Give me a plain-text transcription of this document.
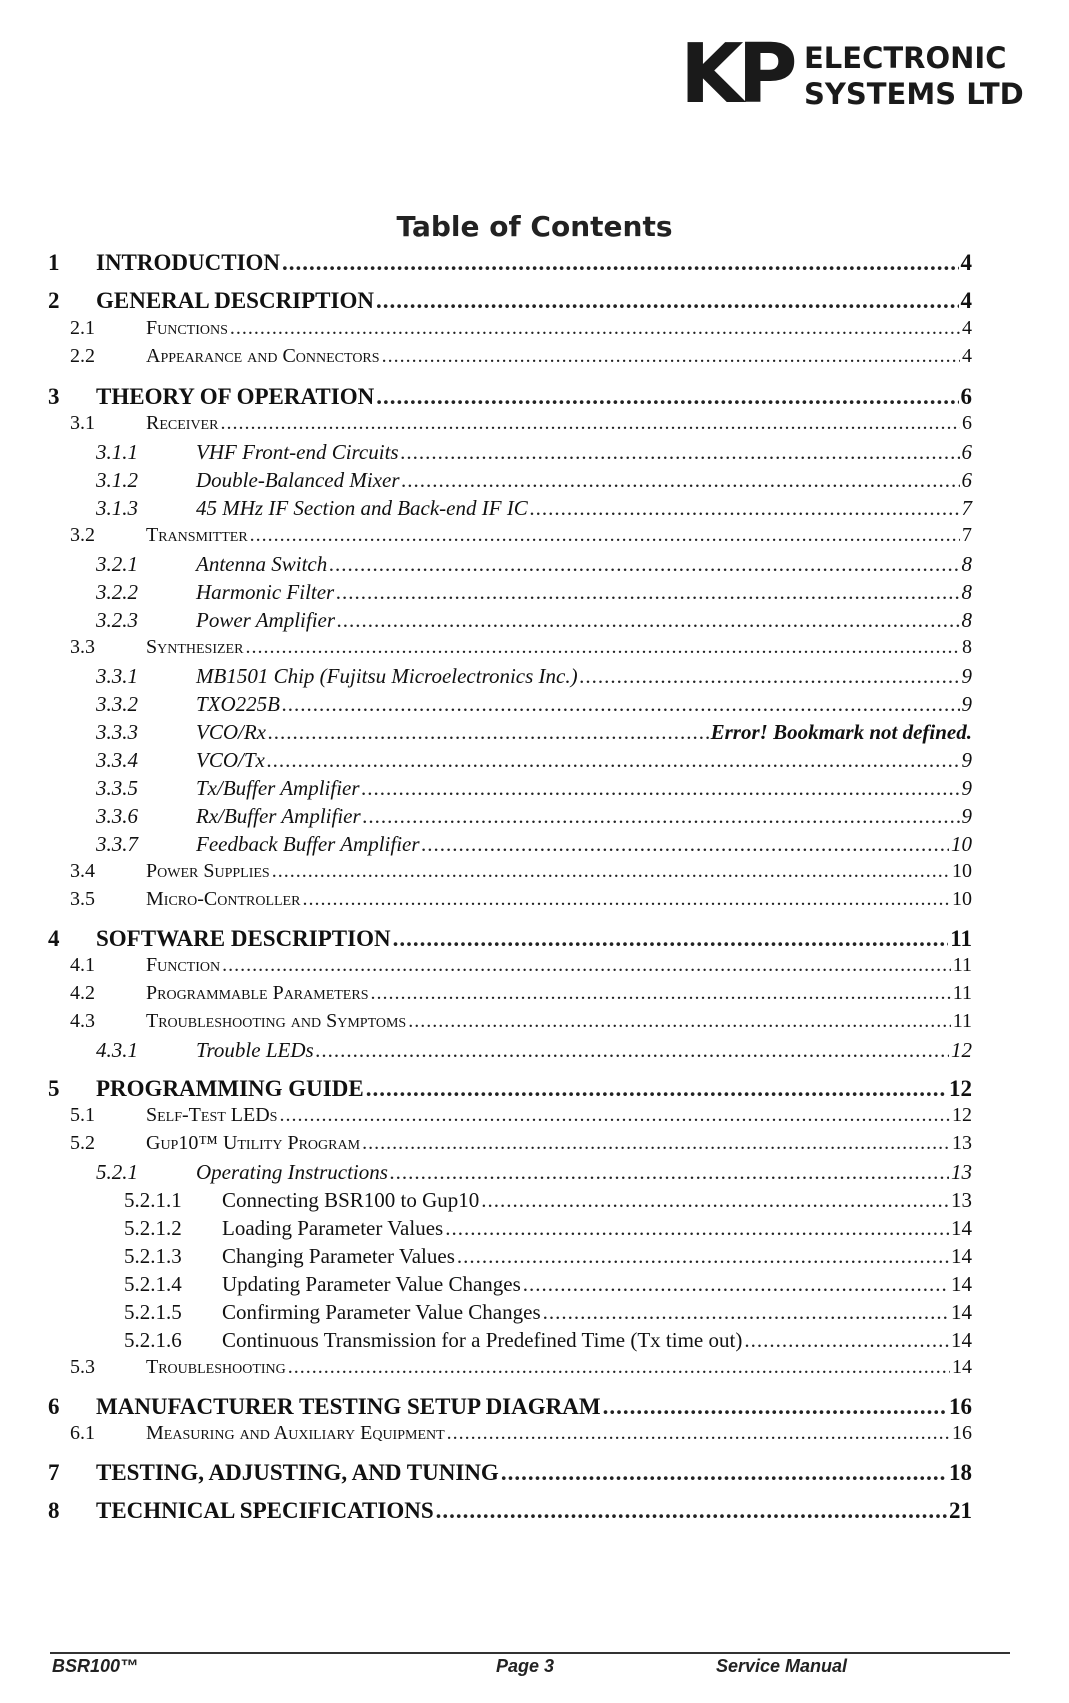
KP ELECTRONIC
SYSTEMS LTD
Table of Contents
1 INTRODUCTION .....	4
2 GENERAL DESCRIPTION .....	4
2.1	Functions .....	4
2.2	Appearance and Connectors .....	4
3 THEORY OF OPERATION .....	6
3.1	Receiver .....	6
3.1.1	VHF Front-end Circuits .....	6
3.1.2	Double-Balanced Mixer .....	6
3.1.3	45 MHz IF Section and Back-end IF IC .....	7
3.2	Transmitter .....	7
3.2.1	Antenna Switch .....	8
3.2.2	Harmonic Filter .....	8
3.2.3	Power Amplifier .....	8
3.3	Synthesizer .....	8
3.3.1	MB1501 Chip (Fujitsu Microelectronics Inc.) .....	9
3.3.2	TXO225B .....	9
3.3.3	VCO/Rx .....	Error! Bookmark not defined.
3.3.4	VCO/Tx .....	9
3.3.5	Tx/Buffer Amplifier .....	9
3.3.6	Rx/Buffer Amplifier .....	9
3.3.7	Feedback Buffer Amplifier .....	10
3.4	Power Supplies .....	10
3.5	Micro-Controller .....	10
4 SOFTWARE DESCRIPTION .....	11
4.1	Function .....	11
4.2	Programmable Parameters .....	11
4.3	Troubleshooting and Symptoms .....	11
4.3.1	Trouble LEDs .....	12
5 PROGRAMMING GUIDE .....	12
5.1	Self-Test LEDs .....	12
5.2	Gup10™ Utility Program .....	13
5.2.1	Operating Instructions .....	13
5.2.1.1 Connecting BSR100 to Gup10 .....	13
5.2.1.2 Loading Parameter Values .....	14
5.2.1.3 Changing Parameter Values .....	14
5.2.1.4 Updating Parameter Value Changes .....	14
5.2.1.5 Confirming Parameter Value Changes .....	14
5.2.1.6 Continuous Transmission for a Predefined Time (Tx time out) .....	14
5.3	Troubleshooting .....	14
6 MANUFACTURER TESTING SETUP DIAGRAM .....	16
6.1	Measuring and Auxiliary Equipment .....	16
7 TESTING, ADJUSTING, AND TUNING .....	18
8 TECHNICAL SPECIFICATIONS .....	21
BSR100™	Page 3	Service Manual
